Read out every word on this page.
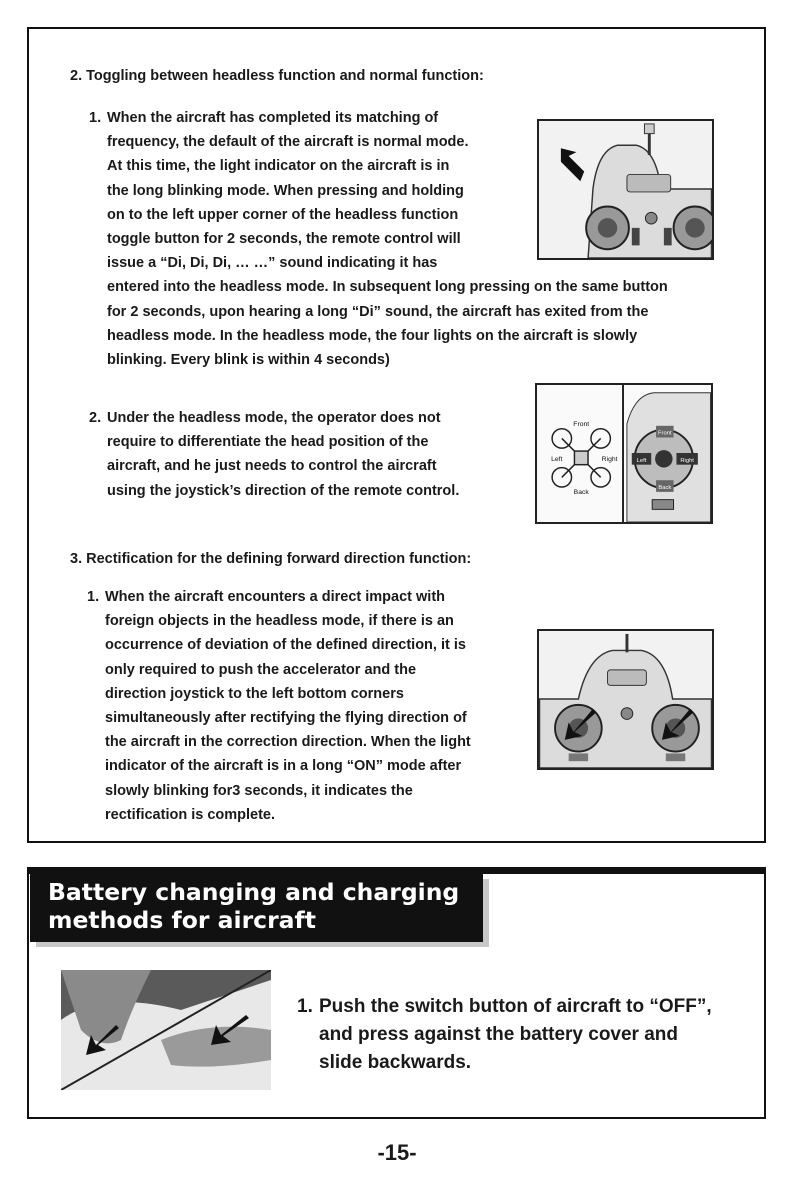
2. Toggling between headless function and normal function:
1. When the aircraft has completed its matching of
frequency, the default of the aircraft is normal mode.
At this time, the light indicator on the aircraft is in
the long blinking mode. When pressing and holding
on to the left upper corner of the headless function
toggle button for 2 seconds, the remote control will
issue a “Di, Di, Di, … …” sound indicating it has
entered into the headless mode. In subsequent long pressing on the same button
for 2 seconds, upon hearing a long “Di” sound, the aircraft has exited from the
headless mode. In the headless mode, the four lights on the aircraft is slowly
blinking. Every blink is within 4 seconds)
2. Under the headless mode, the operator does not
require to differentiate the head position of the
aircraft, and he just needs to control the aircraft
using the joystick’s direction of the remote control.
Front
Back
Left	Right
Front
Back
Left	Right
3. Rectification for the defining forward direction function:
1. When the aircraft encounters a direct impact with
foreign objects in the headless mode, if there is an
occurrence of deviation of the defined direction, it is
only required to push the accelerator and the
direction joystick to the left bottom corners
simultaneously after rectifying the flying direction of
the aircraft in the correction direction. When the light
indicator of the aircraft is in a long “ON” mode after
slowly blinking for3 seconds, it indicates the
rectification is complete.
Battery changing and charging
methods for aircraft
1. Push the switch button of aircraft to “OFF”,
and press against the battery cover and
slide backwards.
-15-
